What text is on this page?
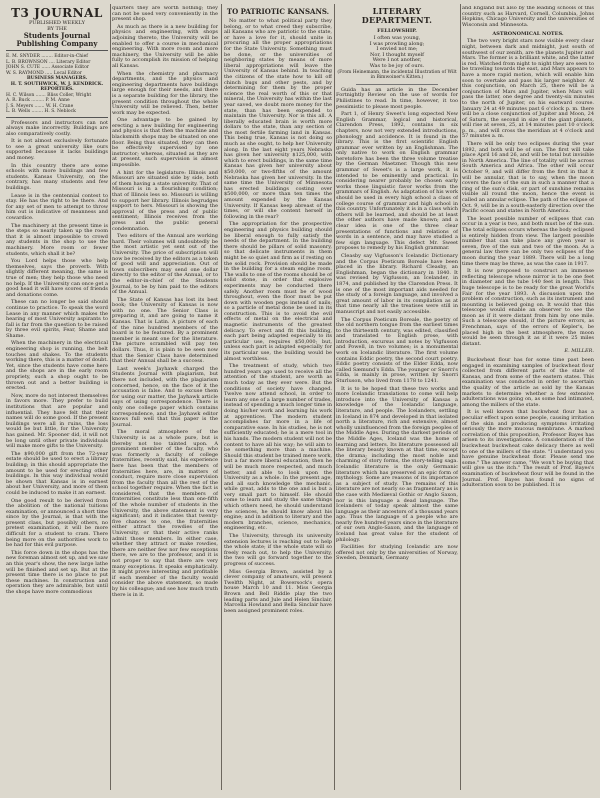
T3 JOURNAL
PUBLISHED WEEKLY
BY THE
Students Journal Publishing Company
E. M. SNYDER ........ Editor-in-Chief
L. B. BROWNSON .... Literary Editor
JOHN S. CUTE ...... Associate Editor
W. S. RAYMOND ..... Local Editor
BUSINESS MANAGERS.
H. T. SOUTHWICK, W. J. KENDRICK.
REPORTERS.
H. C. Wilson ....... Bliss Coller, Wright
A. R. Buck ......... P. M. Anne
J. S. Meyers ....... W. H. Crane
L. B. Wells ........ H. S. Neblock

Professors and instructors can not always make incorrectly. Buildings are also comparatively costly.

It is not almost exclusively fortunate to see a great university like ours supported because it lacks buildings and money.

In this country there are some schools with more buildings and few students. Kansas University, on the contrary, has many students and few buildings.

Lease is in the centennial contest to stay. He has the right to be there. And for any set of men to attempt to throw him out is indicative of meanness and cowardice.

The machinery at the present time is the steps so nearly taken up the room that it is almost impossible to crowd any students in the shop to use the machinery. More room or fewer students, which shall it be?

You Lord helps those who help themselves, says the proverb. With slightly different meaning, the same is true of men; they help those who need no help. If the University can once get a good head it will have scores of friends and donations come.

These can no longer be said should continue to practice. To speak the word Lease in any manner which makes the hearing of most University aspirants to fall is far from the question to be raised by three evil spirits, Fear, Shame and Shame.

When the machinery in the electrical engineering shop is running, the belt touches and shakes. To the students working there, this is a matter of doubt. Yet, since the students have come here and the shops are in the early room propriety, such a shop ought to be thrown out and a better building is erected.

Now, more do not interest themselves in favors more. They prefer to build institutions that are popular and influential. They have felt that their names will do some good. If the present buildings were all in ruins, the loss would be but little, for the University has gained. Mr. Spooner did, it will not be long until other private individuals will make more gifts to the University.

The $90,000 gift from the 72-year estate should be used to erect a library building; in this should appropriate the amount to be used for erecting other buildings. In this way individual would be shown that Kansas is in earnest about her University, and more of them could be induced to make it an earnest.

One good result to be derived from the abolition of the national tuitions examination, or announced a short time since by the Journal, is that with the present class, but possibly others, no pretest examination, it will be more difficult for a student to cram. There being more on the authorities work to be had for this evil purpose.

This force down in the shops has the new foreman almost set up, and we saw an this year's show, the new large lathe will be finished and set up. But at the present time there is no place to put these machines. In construction and operation they are admirable, but until the shops have more commodious

quarters they are worth nothing; they can not be used very conveniently in the present shop.

As much as there is a new building for physics and engineering, with shops adjoining thereto, the University will be enabled to offer a course in mechanical engineering. With more room and more machinery, the University will be able fully to accomplish its mission of helping all Kansas.

When the chemistry and pharmacy departments, and the physics and engineering departments have buildings large enough for their needs, and there is a separate building for the library, the present condition throughout the whole University will be relieved. Then, better work may be expected.

One advantage to be gained by erecting a new building for engineering and physics is that then the machine and blacksmith shops may be situated on one floor. Being thus situated, they can then be effectively supervised by one instructor; whereas, situated as they are at present, such supervision is almost impossible.

A hint for the legislature: Illinois and Missouri are situated side by side, both of them having a state university. That of Missouri is in a flourishing condition; that of Illinois less so. Missouri is willing to support her library. Illinois begrudges support to hers. Missouri is showing the approval of the press and of public sentiment; Illinois receives from the press and the public general condemnation.

Two editors of the Annual are working hard. Their volumes will undoubtedly be the most artistic yet sent out of the University. The price of subscription will now be received by the editors as a token of good will and appreciation. Out of town subscribers may send one dollar directly to the editor of the Annual, or to the editor-in-chief of the Students Journal, to be by him paid to the editors of the Annual.

The State of Kansas has lost its best book; the University of Kansas is now with no one. The Senior Class is preparing it, and are going to name it Kansas. That is Latin. A picture of each of the nine hundred members of the board is to be featured. By a prominent member is meant one for the literature. The picture scrambled will pay ten dollars. Thus, it is plain to be seen now that the Senior Class have determined that their Annual shall be a success.

Last week's Jayhawk charged the Students Journal with plagiarism, but there not included, with the plagiarism concerned, hence, on the face of it the accusation is false. And to excuse them for using our matter, the Jayhawk article says of using correspondence. There is only one college paper which contains correspondence, and the Jayhawk editor knows full well that this paper is the Journal.

The moral atmosphere of the University is as a whole pure, but is thereby not too tainted upon. A prominent member of the faculty, who was formerly a faculty of college fraternities, recently said, his experience here has been that the members of fraternities here, are, in matters of conduct, require more close supervision from the faculty than all the rest of the school together require. When the fact is considered, that the members of fraternities constitute less than one-fifth of the whole number of students in the University, the above statement is very significant; and it indicates that twenty-five chances to one, the fraternities either attract the rowdies of the University, or that their active ranks admit those members. In either case, whether they attract or make rowdies, there are neither few nor few exceptions there, we are to the professor, and it is not proper to say that there are very many exceptions. It speaks emphatically. It might prove interesting and profitable if each member of the faculty would consider the above statement, so made by his colleague; and see how much truth there is in it.

TO PATRIOTIC KANSANS.

No matter to what political party they belong, or to what creed they subscribe, all Kansans who are patriotic to the state, or have a love for it, should unite in procuring all the proper appropriations for the State University. Something must be done, or the universities of neighboring states by means of more liberal appropriations will leave the University of Kansas behind. In teaching the citizens of the state how to kill off chinch bugs and other pests, and by determining for them by the proper science the real worth of this or that mineral, the University has within the last year saved, we doubt more money for the state, than has been expended to maintain the University. Nor is this all. A liberally educated brain is worth more dollars to the state, than any section of the most fertile farming land in Kansas. This being true, Kansas is not doing so much as she ought, to help her University along. In the last eight years Nebraska has given her university $125,000, with which to erect buildings, in the same time Kansas has given her university about $50,000, or two-fifths of the amount Nebraska has given her university. In the same time the University of Minnesota has erected buildings costing over $500,000, or more than ten times the amount expended by the Kansas University. If Kansas keep abreast of the times, or will she content herself in following in the rear?

The appropriation for the prospective engineering and physics building should be liberal enough to fully satisfy the needs of the department. In the building there should be pillars of solid masonry, so that delicate instruments in them might be so quiet and firm as if resting on the solid rock. Provision should be made in the building for a steam engine room. The walls to one of the rooms should be of solid stone, in order that explosive experiments may be conducted there safely. Another room must be of wood throughout, even the floor must be put down with wooden pegs instead of nails; so a particle of metal done be used in its construction. This is to avoid the evil effects of metal on the electrical and magnetic instruments of the greatest delicacy. To erect and fit this building, each part being adapted especially to its particular use, requires $50,000; but, unless each part is adapted especially for its particular use, the building would be almost worthless.

The treatment of study, which two hundred years ago used to receive all the attention of the student, are worth as much today as they ever were. But the conditions of society have changed. Twelve now attend school, in order to learn any one of a large number of trades, instead of spending a much longer time in doing his/her work and learning his work at apprentices. The modern student accomplishes far more in a life of comparative ease. In his studies, he is not sufficiently educated; he is a mere tool in his hands. The modern student will not be content to have all his way; he will aim to be something more than a machine. Should this student be trained mere work, but a far more liberal education, then he will be much more respected, and much better, and able to look upon the University as a whole. In the present age, and all such knowledge the mechanic, while great, adds to the one and is but a very small part to himself. He should come to learn and study the same things which others need, he should understand the sciences, he should know about his engine; and in addition to literary and the modern branches, science, mechanics, engineering, etc.

The University, through its university extension lectures is reaching out to help the whole state; if the whole state will so freely reach out, to help the University, the two will go forward together to the progress of success.

Miss Georgia Brown, assisted by a clever company of amateurs, will present Twelfth Night, at Bowersock's opera house March 10 and 11. Miss Georgia Brown and Bell Riddle play the two leading parts and Jule and Helen Sinclair, Marcella Howland and Bella Sinclair have been assigned prominent roles.

LITERARY DEPARTMENT.
FELLOWSHIP.

I often was young,

I was prowling along;

I envied not me;

Nor, I thought myself

Were I not another,

Was to be joy of ours.

(From Heinemann, the incidental Illustration of Wilt in Bimwoiner's Kitten.)

Guida has an article in the December Fortnightly Review on the use of words for Philistines to read. In time, however, it too pessimistic to please most people.

Part 1, of Henry Sweet's long expected New English Grammar, logical and historical, Clarendon Press, 1892, contains in six chapters, now not very extended introductions, phonology and accidence. It is found in the library. This is the first scientific English grammar ever written by an Englishman. The only native to work on English grammar heretofore has been the three volume treatise by the German Maetzner. Though this new grammar of Sweet's is a large work, it is intended to be eminently and practical. In considering nearer probably be chosen early works those linguistic favor works from the grammars of English. As adaptation of his work should be used in every high school a class of college course of grammar and high school in this country. Unfortunately it is in a class which others will be learned, and should be at least the other authors have made known; and a clear idea is one of the three clear presentations of functions and relations of words in a sentence, and may have studied a few sign language. This defect Mr. Sweet proposes to remedy by his English grammar.

Cleasby say Vigfusson's Icelandic Dictionary and the Corpus Poeticum Boreale have been placed in the library. Richard Cleasby, an Englishman, began the dictionary in 1840. It was revised by Vigfusson, an Icelander, in 1874, and published by the Clarendon Press. It is one of the most important aids needed for the study of a foreign language, and involved a great amount of labor in its compilation as at that time nearly all the treatises were still in manuscript and not easily accessible.

The Corpus Poeticum Boreale, the poetry of the old northern tongue from the earliest times to the thirteenth century, was edited, classified and translated to English prose, with introduction, excursus and notes by Vigfusson and Powell, in two volumes; is a monumental work on Icelandic literature. The first volume contains Eddic poetry, the second court poetry. Eddic poetry consists of the Elder Edda, now called Sæmund's Edda. The younger or Snorri's Edda, is mainly in prose, written by Snorri Sturluson, who lived from 1178 to 1241.

It is to be hoped that these two works and more Icelandic translations to come will help introduce into the University of Kansas a knowledge of the Icelandic language, literature, and people. The Icelanders, settling in Iceland in 874 and developed in that isolated north a literature, rich and extensive, almost wholly uninfluenced from the foreign peoples of the Middle Ages. During the darkest periods of the Middle Ages, Iceland was the home of learning and letters. Its literature possessed all the literary beauty known at that time, except the drama; including the most noble and charming of story forms, the story-telling saga. Icelandic literature is the only Germanic literature which has preserved an epic form of mythology. Some are reasons of its importance as a subject of study. The remains of this literature are not nearly so as fragmentary as is the case with Mediæval Gothic or Anglo Saxon, nor is this language a dead language. The Icelanders of today speak almost the same language as their ancestors of a thousand years ago. Thus the language of a people who are nearly five hundred years since in the literature of our own Anglo-Saxon, and the language of Iceland has great value for the student of philology.

Facilities for studying Icelandic are now offered not only by the universities of Norway, Sweden, Denmark, Germany

and England but also by the leading schools of this country such as Harvard, Cornell, Columbia, Johns Hopkins, Chicago University and the universities of Wisconsin and Minnesota.

ASTRONOMICAL NOTES.

The two very bright stars now visible every clear night, between dark and midnight, just south of southwest of our zenith, are the planets Jupiter and Mars. The former is a brilliant white, and the latter is red. Watched from night to night they are seen to be traveling towards the east, and Mars appears to have a more rapid motion, which will enable him soon to overtake and pass his larger neighbor. At this conjunction, on March 25, there will be a conjunction of Mars and Jupiter, when Mars will pass the latter, one degree and twenty-six minutes to the north of Jupiter, on his eastward course. January 24 at 49 minutes past 6 o'clock p. m. there will be a close conjunction of Jupiter and Moon, 24 of Saturn, the second in size of the giant planets, will rise at seven, 25, at 14 minutes past 10 o'clock p. m., and will cross the meridian at 4 o'clock and 57 minutes a. m.

There will be only two eclipses during the year 1892, and both will be of sun. The first will take place April 16 and 26, and will be total but invisible in North America. The line of totality will be across South America and Africa. The other will occur October 9, and will differ from the first in that it will be annular, that is to say, when the moon covers the face of the sun in such a manner that a ring of the sun's disk, or part of sunshine remains visible all round the moon, hence the event is called an annular eclipse. The path of the eclipse of Oct. 9, will be in a south-easterly direction over the Pacific ocean and states in North America.

The least possible number of eclipses that can occur in a year is two, and both must be of the sun. The total eclipses occurs whereas the body eclipsed is entirely hidden from view. The largest possible number that can take place any given year is seven, five of the sun and two of the moon. As a general law there can be only two eclipses of the moon during the year 1889. There will be a long time there may be three, as was the case in 1917.

It is now proposed to construct an immense reflecting telescope whose mirror is to be one feet in diameter and the tube 140 feet in length. This huge telescope is to be ready for the great World's Fair for the year 1893. A discussion upon the problem of construction, such as its instrument and mounting is believed going on. It would that this telescope would enable an observer to see the moon as if it were distant from him by one mile. Such a telescope should, if the picture errors, as Frenchman, says of the errors of Kepler's, be placed high in the best atmosphere, the moon would be seen through it as if it were 25 miles distant.

E. MILLER.

Buckwheat flour has for some time past been engaged in examining samples of buckwheat flour collected from different parts of the state of Kansas, and from some of the eastern states. This examination was conducted in order to ascertain the quality of the article as sold by the Kansas markets to determine whether a few extensive adulterations was going on, as some had intimated, among the millers of the state.

It is well known that buckwheat flour has a peculiar effect upon some people, causing irritation of the skin and producing symptoms irritating seriously the more mucous membrane. A marked correlation of this proposition, Professor Bayes has arisen to its investigations. A consideration of the buckwheat buckwheat cake delicacy there as well to one of the millers of the state. "I understand you have genuine buckwheat flour. Please send me some." The answer came, "We won't be buying that will give us the itch." The result of Prof. Bayes's examination of buckwheat flour will be found in the Journal. Prof. Bayes has found no signs of adulteration soon to be published. It is
